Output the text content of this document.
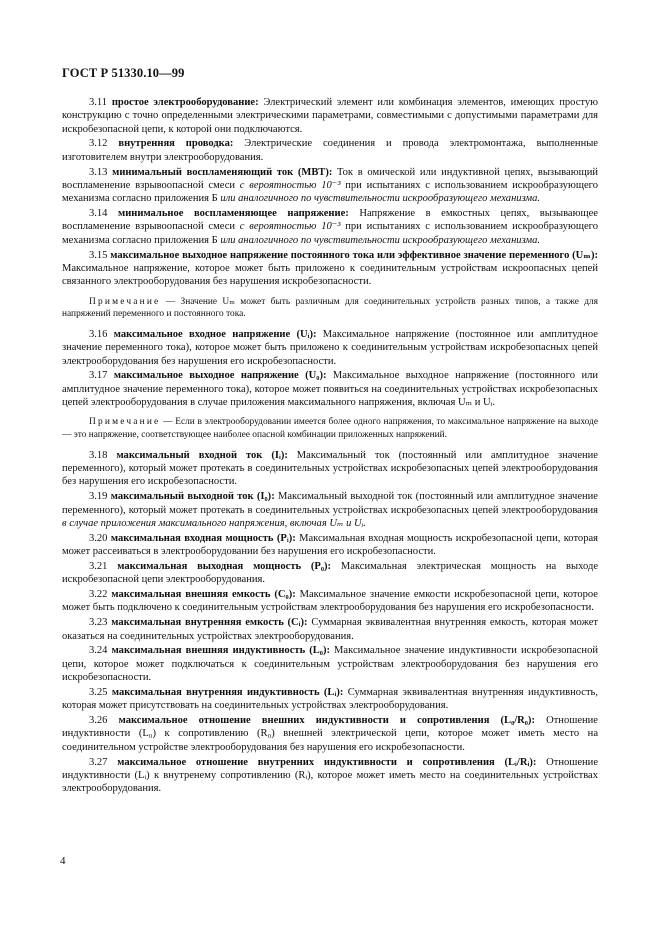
ГОСТ Р 51330.10—99

3.11 простое электрооборудование: Электрический элемент или комбинация элементов, имеющих простую конструкцию с точно определенными электрическими параметрами, совместимыми с допустимыми параметрами для искробезопасной цепи, к которой они подключаются.

3.12 внутренняя проводка: Электрические соединения и провода электромонтажа, выполненные изготовителем внутри электрооборудования.

3.13 минимальный воспламеняющий ток (МВТ): Ток в омической или индуктивной цепях, вызывающий воспламенение взрывоопасной смеси с вероятностью 10⁻³ при испытаниях с использованием искрообразующего механизма согласно приложения Б или аналогичного по чувствительности искрообразующего механизма.

3.14 минимальное воспламеняющее напряжение: Напряжение в емкостных цепях, вызывающее воспламенение взрывоопасной смеси с вероятностью 10⁻³ при испытаниях с использованием искрообразующего механизма согласно приложения Б или аналогичного по чувствительности искрообразующего механизма.

3.15 максимальное выходное напряжение постоянного тока или эффективное значение переменного (Uₘ): Максимальное напряжение, которое может быть приложено к соединительным устройствам искроопасных цепей связанного электрооборудования без нарушения искробезопасности.

Примечание — Значение Uₘ может быть различным для соединительных устройств разных типов, а также для напряжений переменного и постоянного тока.

3.16 максимальное входное напряжение (Uᵢ): Максимальное напряжение (постоянное или амплитудное значение переменного тока), которое может быть приложено к соединительным устройствам искробезопасных цепей электрооборудования без нарушения его искробезопасности.

3.17 максимальное выходное напряжение (U₀): Максимальное выходное напряжение (постоянного или амплитудное значение переменного тока), которое может появиться на соединительных устройствах искробезопасных цепей электрооборудования в случае приложения максимального напряжения, включая Uₘ и Uᵢ.

Примечание — Если в электрооборудовании имеется более одного напряжения, то максимальное напряжение на выходе — это напряжение, соответствующее наиболее опасной комбинации приложенных напряжений.

3.18 максимальный входной ток (Iᵢ): Максимальный ток (постоянный или амплитудное значение переменного), который может протекать в соединительных устройствах искробезопасных цепей электрооборудования без нарушения его искробезопасности.

3.19 максимальный выходной ток (I₀): Максимальный выходной ток (постоянный или амплитудное значение переменного), который может протекать в соединительных устройствах искробезопасных цепей электрооборудования в случае приложения максимального напряжения, включая Uₘ и Uᵢ.

3.20 максимальная входная мощность (Pᵢ): Максимальная входная мощность искробезопасной цепи, которая может рассеиваться в электрооборудовании без нарушения его искробезопасности.

3.21 максимальная выходная мощность (P₀): Максимальная электрическая мощность на выходе искробезопасной цепи электрооборудования.

3.22 максимальная внешняя емкость (C₀): Максимальное значение емкости искробезопасной цепи, которое может быть подключено к соединительным устройствам электрооборудования без нарушения его искробезопасности.

3.23 максимальная внутренняя емкость (Cᵢ): Суммарная эквивалентная внутренняя емкость, которая может оказаться на соединительных устройствах электрооборудования.

3.24 максимальная внешняя индуктивность (L₀): Максимальное значение индуктивности искробезопасной цепи, которое может подключаться к соединительным устройствам электрооборудования без нарушения его искробезопасности.

3.25 максимальная внутренняя индуктивность (Lᵢ): Суммарная эквивалентная внутренняя индуктивность, которая может присутствовать на соединительных устройствах электрооборудования.

3.26 максимальное отношение внешних индуктивности и сопротивления (L₀/R₀): Отношение индуктивности (L₀) к сопротивлению (R₀) внешней электрической цепи, которое может иметь место на соединительном устройстве электрооборудования без нарушения его искробезопасности.

3.27 максимальное отношение внутренних индуктивности и сопротивления (Lᵢ/Rᵢ): Отношение индуктивности (Lᵢ) к внутренему сопротивлению (Rᵢ), которое может иметь место на соединительных устройствах электрооборудования.

4
